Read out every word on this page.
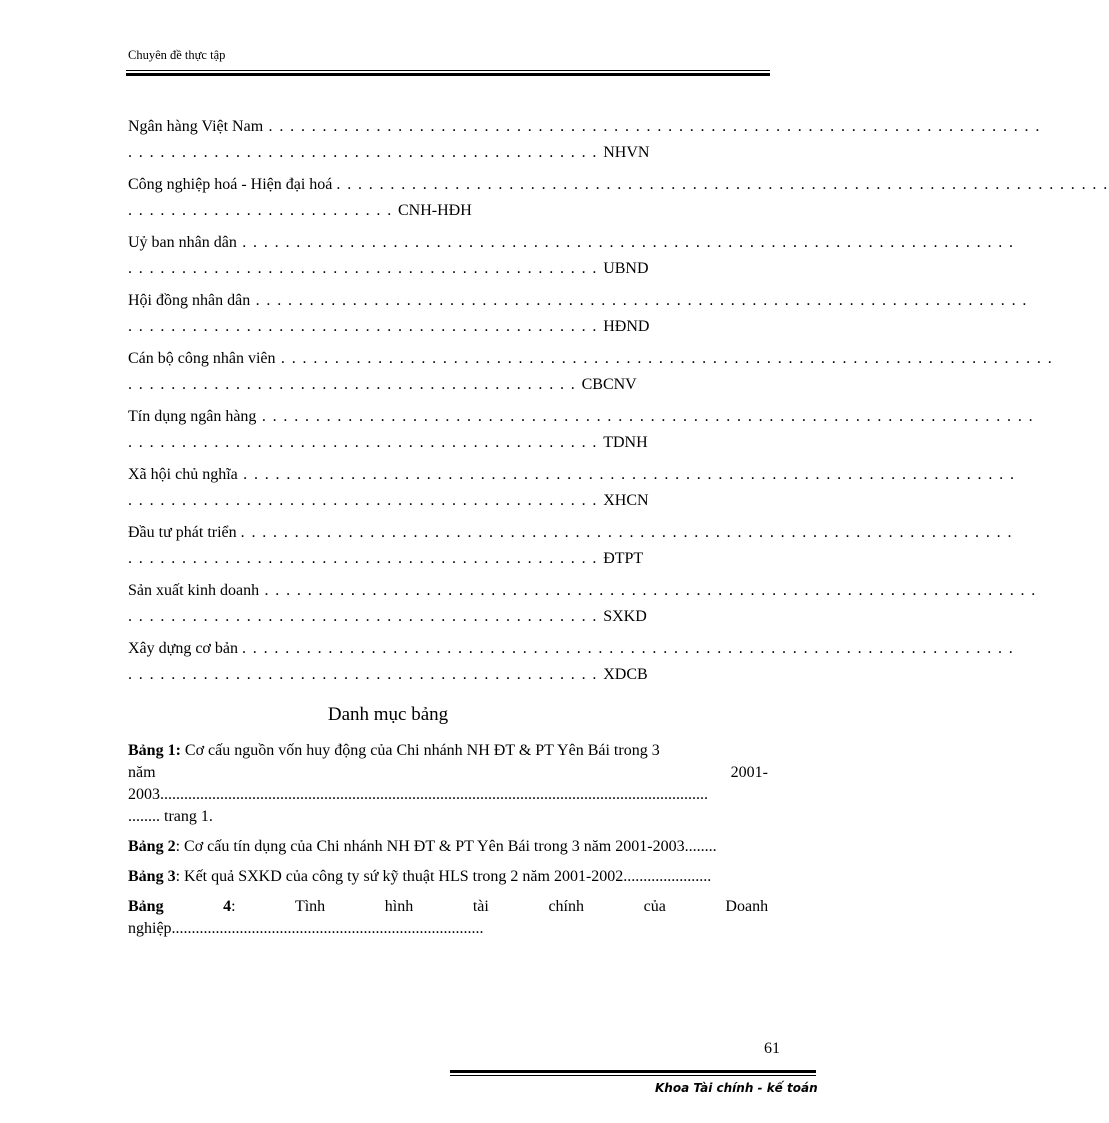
Chuyên đề thực tập
Ngân hàng Việt Nam . . . . . . . . . . . . . . . . . . . . . . . . . . . . . . . . . . . . . . . . . . . . . . . . . . . . . . . . . . . . . . . . . . . . . . . .
. . . . . . . . . . . . . . . . . . . . . . . . . . . . . . . . . . . . . . . . . . . . NHVN
Công nghiệp hoá - Hiện đại hoá . . . . . . . . . . . . . . . . . . . . . . . . . . . . . . . . . . . . . . . . . . . . . . . . . . . . . . . . . . . . . . . . . . . . . . . .
. . . . . . . . . . . . . . . . . . . . . . . . . CNH-HĐH
Uỷ ban nhân dân . . . . . . . . . . . . . . . . . . . . . . . . . . . . . . . . . . . . . . . . . . . . . . . . . . . . . . . . . . . . . . . . . . . . . . . .
. . . . . . . . . . . . . . . . . . . . . . . . . . . . . . . . . . . . . . . . . . . . UBND
Hội đồng nhân dân . . . . . . . . . . . . . . . . . . . . . . . . . . . . . . . . . . . . . . . . . . . . . . . . . . . . . . . . . . . . . . . . . . . . . . . .
. . . . . . . . . . . . . . . . . . . . . . . . . . . . . . . . . . . . . . . . . . . . HĐND
Cán bộ công nhân viên . . . . . . . . . . . . . . . . . . . . . . . . . . . . . . . . . . . . . . . . . . . . . . . . . . . . . . . . . . . . . . . . . . . . . . . .
. . . . . . . . . . . . . . . . . . . . . . . . . . . . . . . . . . . . . . . . . . CBCNV
Tín dụng ngân hàng . . . . . . . . . . . . . . . . . . . . . . . . . . . . . . . . . . . . . . . . . . . . . . . . . . . . . . . . . . . . . . . . . . . . . . . .
. . . . . . . . . . . . . . . . . . . . . . . . . . . . . . . . . . . . . . . . . . . . TDNH
Xã hội chủ nghĩa . . . . . . . . . . . . . . . . . . . . . . . . . . . . . . . . . . . . . . . . . . . . . . . . . . . . . . . . . . . . . . . . . . . . . . . .
. . . . . . . . . . . . . . . . . . . . . . . . . . . . . . . . . . . . . . . . . . . . XHCN
Đầu tư phát triển . . . . . . . . . . . . . . . . . . . . . . . . . . . . . . . . . . . . . . . . . . . . . . . . . . . . . . . . . . . . . . . . . . . . . . . .
. . . . . . . . . . . . . . . . . . . . . . . . . . . . . . . . . . . . . . . . . . . . ĐTPT
Sản xuất kinh doanh . . . . . . . . . . . . . . . . . . . . . . . . . . . . . . . . . . . . . . . . . . . . . . . . . . . . . . . . . . . . . . . . . . . . . . . .
. . . . . . . . . . . . . . . . . . . . . . . . . . . . . . . . . . . . . . . . . . . . SXKD
Xây dựng cơ bản . . . . . . . . . . . . . . . . . . . . . . . . . . . . . . . . . . . . . . . . . . . . . . . . . . . . . . . . . . . . . . . . . . . . . . . .
. . . . . . . . . . . . . . . . . . . . . . . . . . . . . . . . . . . . . . . . . . . . XDCB
Danh mục bảng

Bảng 1: Cơ cấu nguồn vốn huy động của Chi nhánh NH ĐT & PT Yên Bái trong 3
năm	2001-
2003.........................................................................................................................................
........ trang 1.

Bảng 2: Cơ cấu tín dụng của Chi nhánh NH ĐT & PT Yên Bái trong 3 năm 2001-2003........

Bảng 3: Kết quả SXKD của công ty sứ kỹ thuật HLS trong 2 năm 2001-2002......................

Bảng 4:	Tình	hình	tài	chính	của	Doanh
nghiệp..............................................................................

61
Khoa Tài chính - kế toán
